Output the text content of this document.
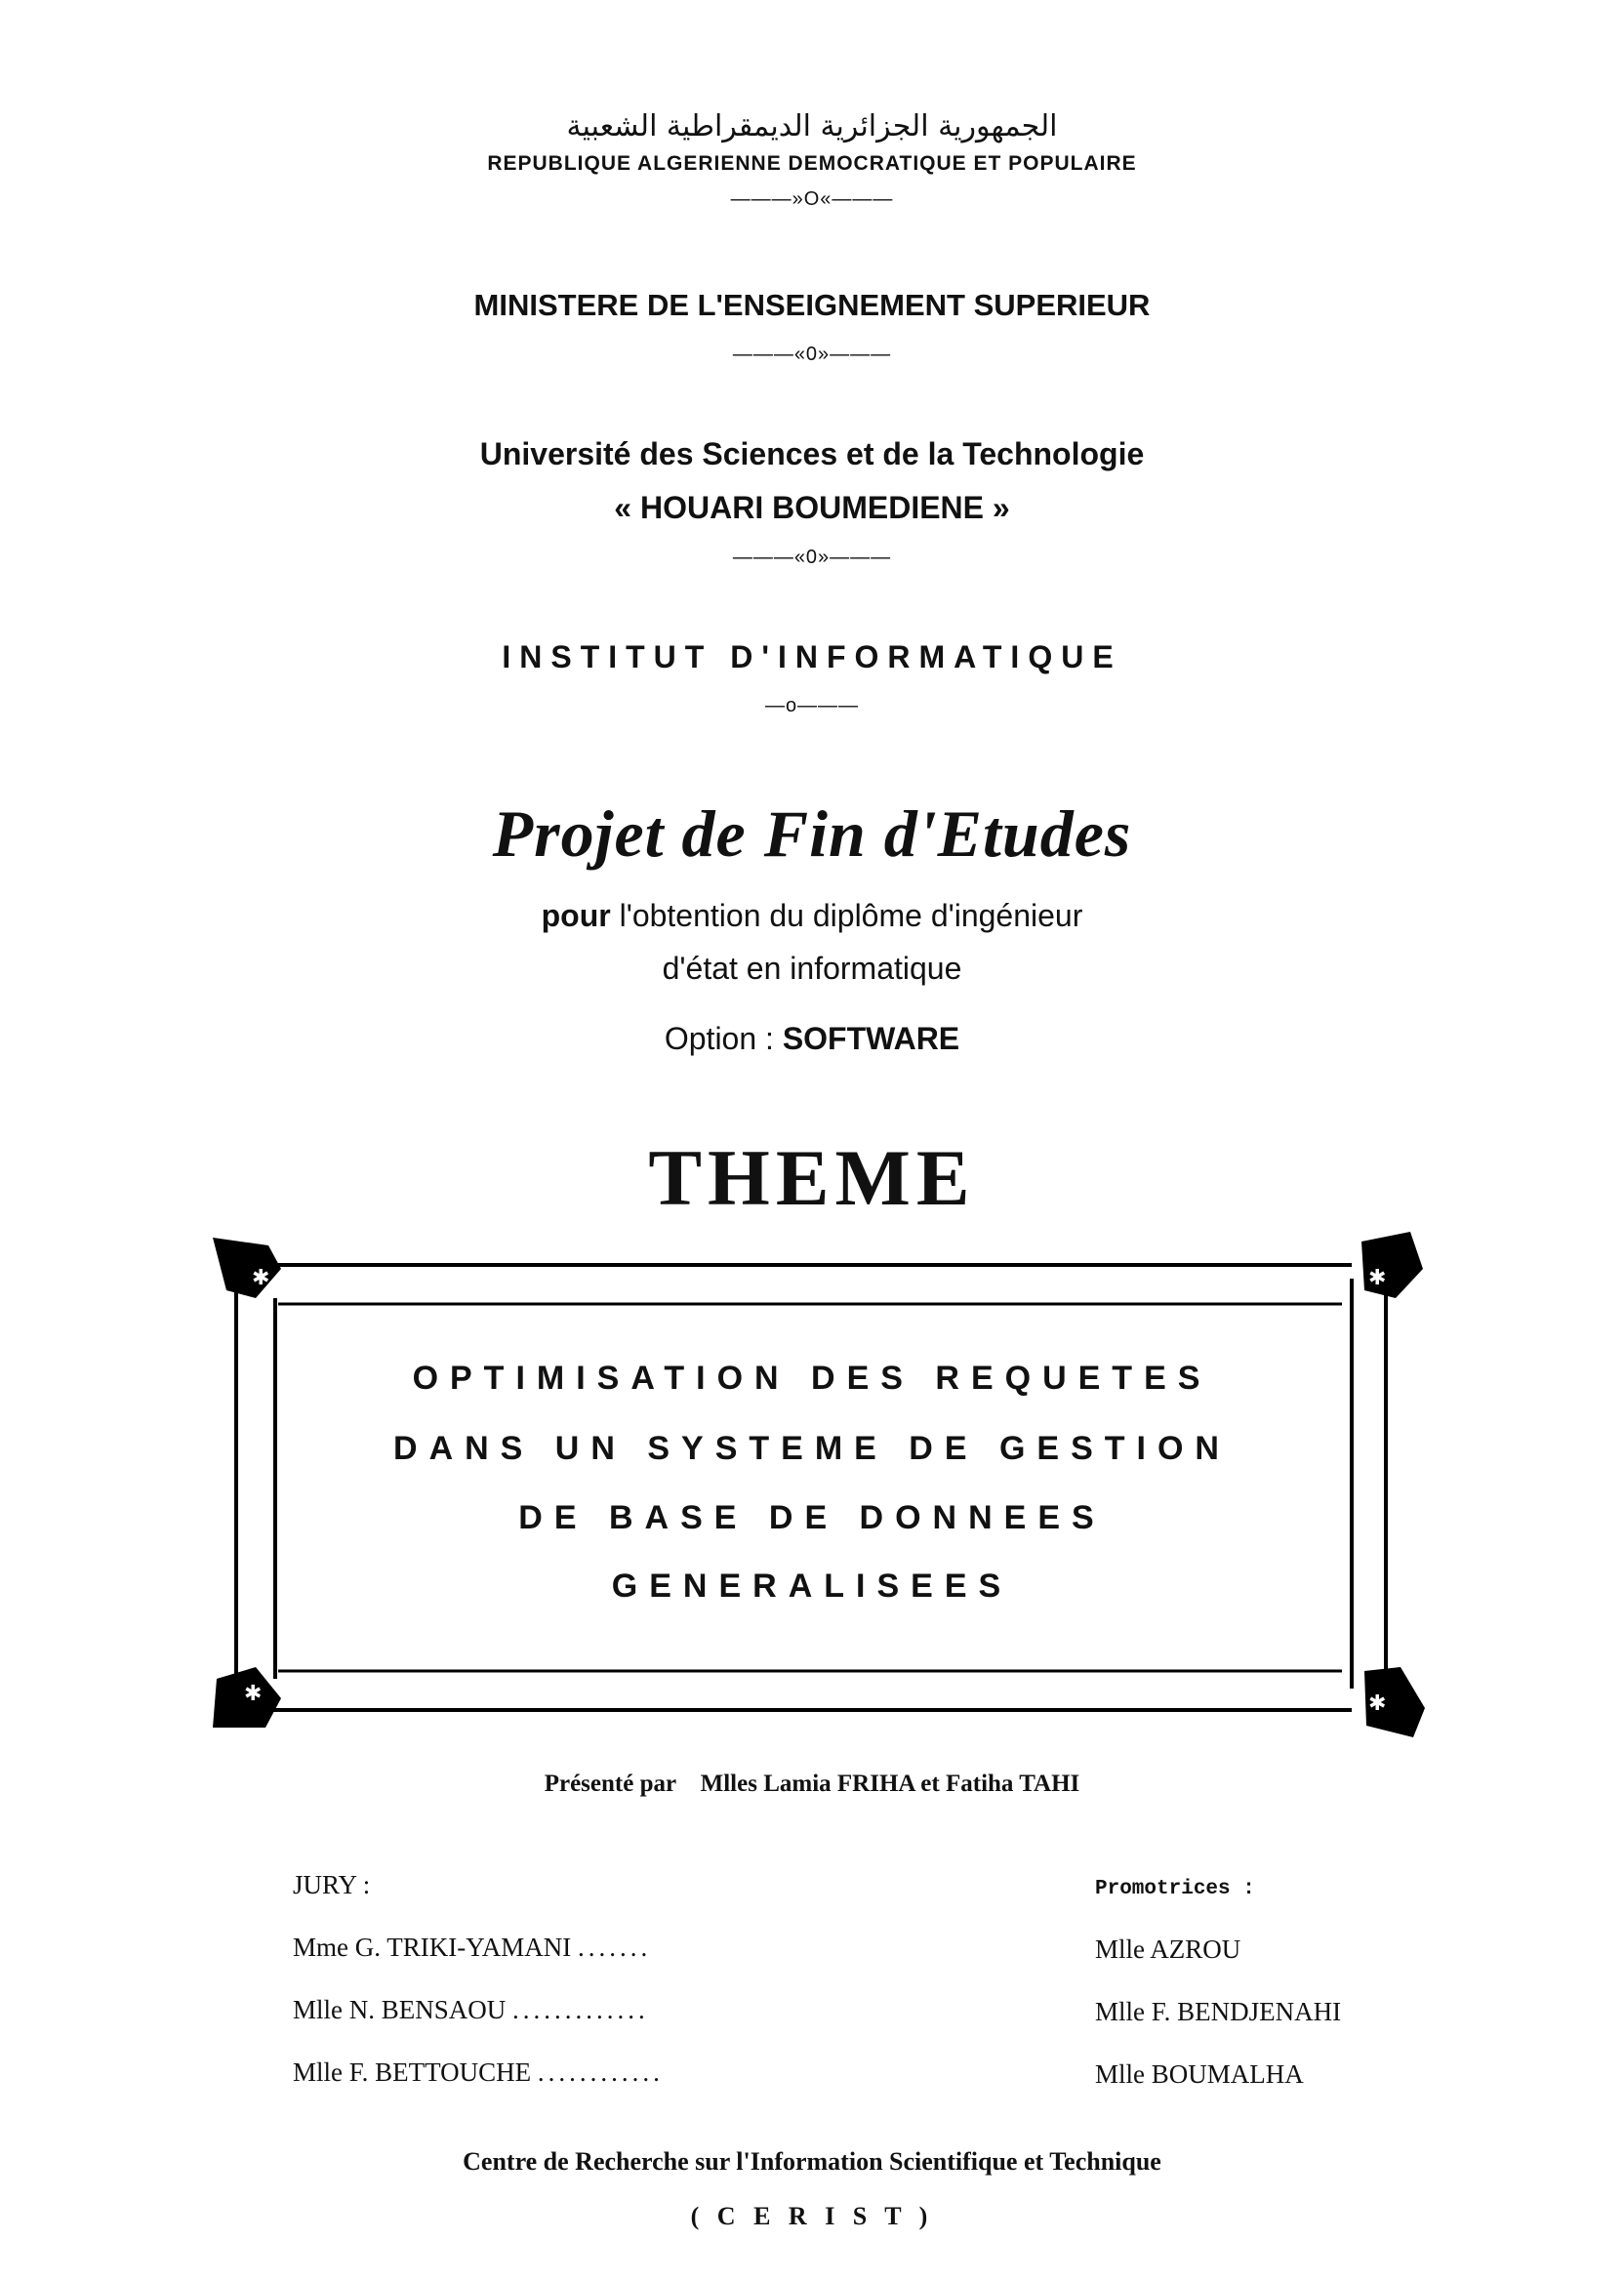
الجمهورية الجزائرية الديمقراطية الشعبية
REPUBLIQUE ALGERIENNE DEMOCRATIQUE ET POPULAIRE
———»O«———
MINISTERE DE L'ENSEIGNEMENT SUPERIEUR
———«0»———
Université des Sciences et de la Technologie
« HOUARI BOUMEDIENE »
———«0»———
INSTITUT D'INFORMATIQUE
—o———
Projet de Fin d'Etudes
pour l'obtention du diplôme d'ingénieur
d'état en informatique
Option : SOFTWARE
THEME
✱	✱
✱	✱
OPTIMISATION DES REQUETES
DANS UN SYSTEME DE GESTION
DE BASE DE DONNEES
GENERALISEES
Présenté par Mlles Lamia FRIHA et Fatiha TAHI
JURY :
Mme G. TRIKI-YAMANI .......
Mlle N. BENSAOU .............
Mlle F. BETTOUCHE ............
Promotrices :
Mlle AZROU
Mlle F. BENDJENAHI
Mlle BOUMALHA
Centre de Recherche sur l'Information Scientifique et Technique
( C E R I S T )
